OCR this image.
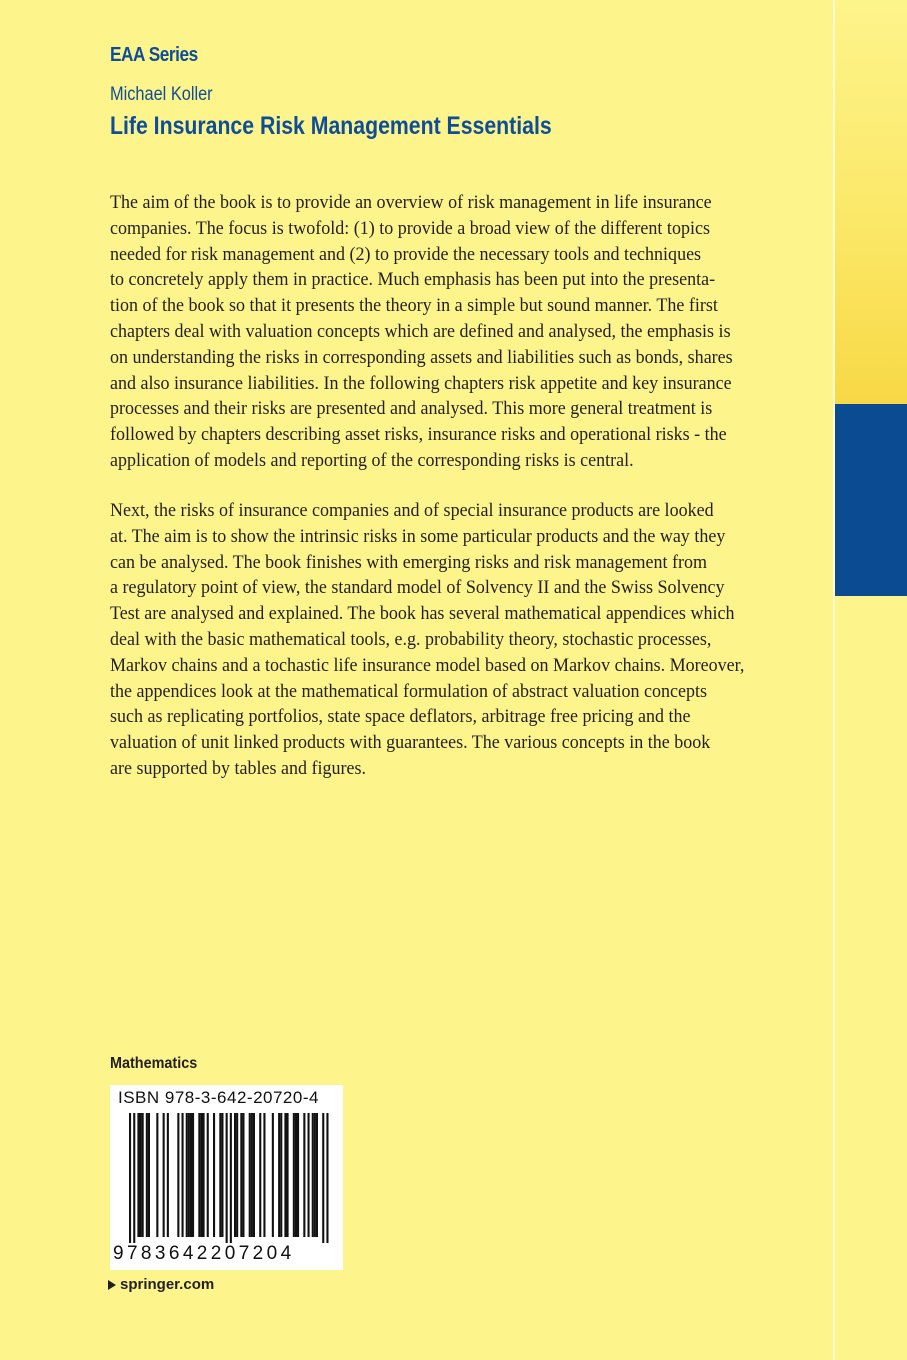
EAA Series
Michael Koller
Life Insurance Risk Management Essentials
The aim of the book is to provide an overview of risk management in life insurance
companies. The focus is twofold: (1) to provide a broad view of the different topics
needed for risk management and (2) to provide the necessary tools and techniques
to concretely apply them in practice. Much emphasis has been put into the presenta-
tion of the book so that it presents the theory in a simple but sound manner. The first
chapters deal with valuation concepts which are defined and analysed, the emphasis is
on understanding the risks in corresponding assets and liabilities such as bonds, shares
and also insurance liabilities. In the following chapters risk appetite and key insurance
processes and their risks are presented and analysed. This more general treatment is
followed by chapters describing asset risks, insurance risks and operational risks - the
application of models and reporting of the corresponding risks is central.
Next, the risks of insurance companies and of special insurance products are looked
at. The aim is to show the intrinsic risks in some particular products and the way they
can be analysed. The book finishes with emerging risks and risk management from
a regulatory point of view, the standard model of Solvency II and the Swiss Solvency
Test are analysed and explained. The book has several mathematical appendices which
deal with the basic mathematical tools, e.g. probability theory, stochastic processes,
Markov chains and a tochastic life insurance model based on Markov chains. Moreover,
the appendices look at the mathematical formulation of abstract valuation concepts
such as replicating portfolios, state space deflators, arbitrage free pricing and the
valuation of unit linked products with guarantees. The various concepts in the book
are supported by tables and figures.
Mathematics
ISBN 978-3-642-20720-4
9783642207204
springer.com
